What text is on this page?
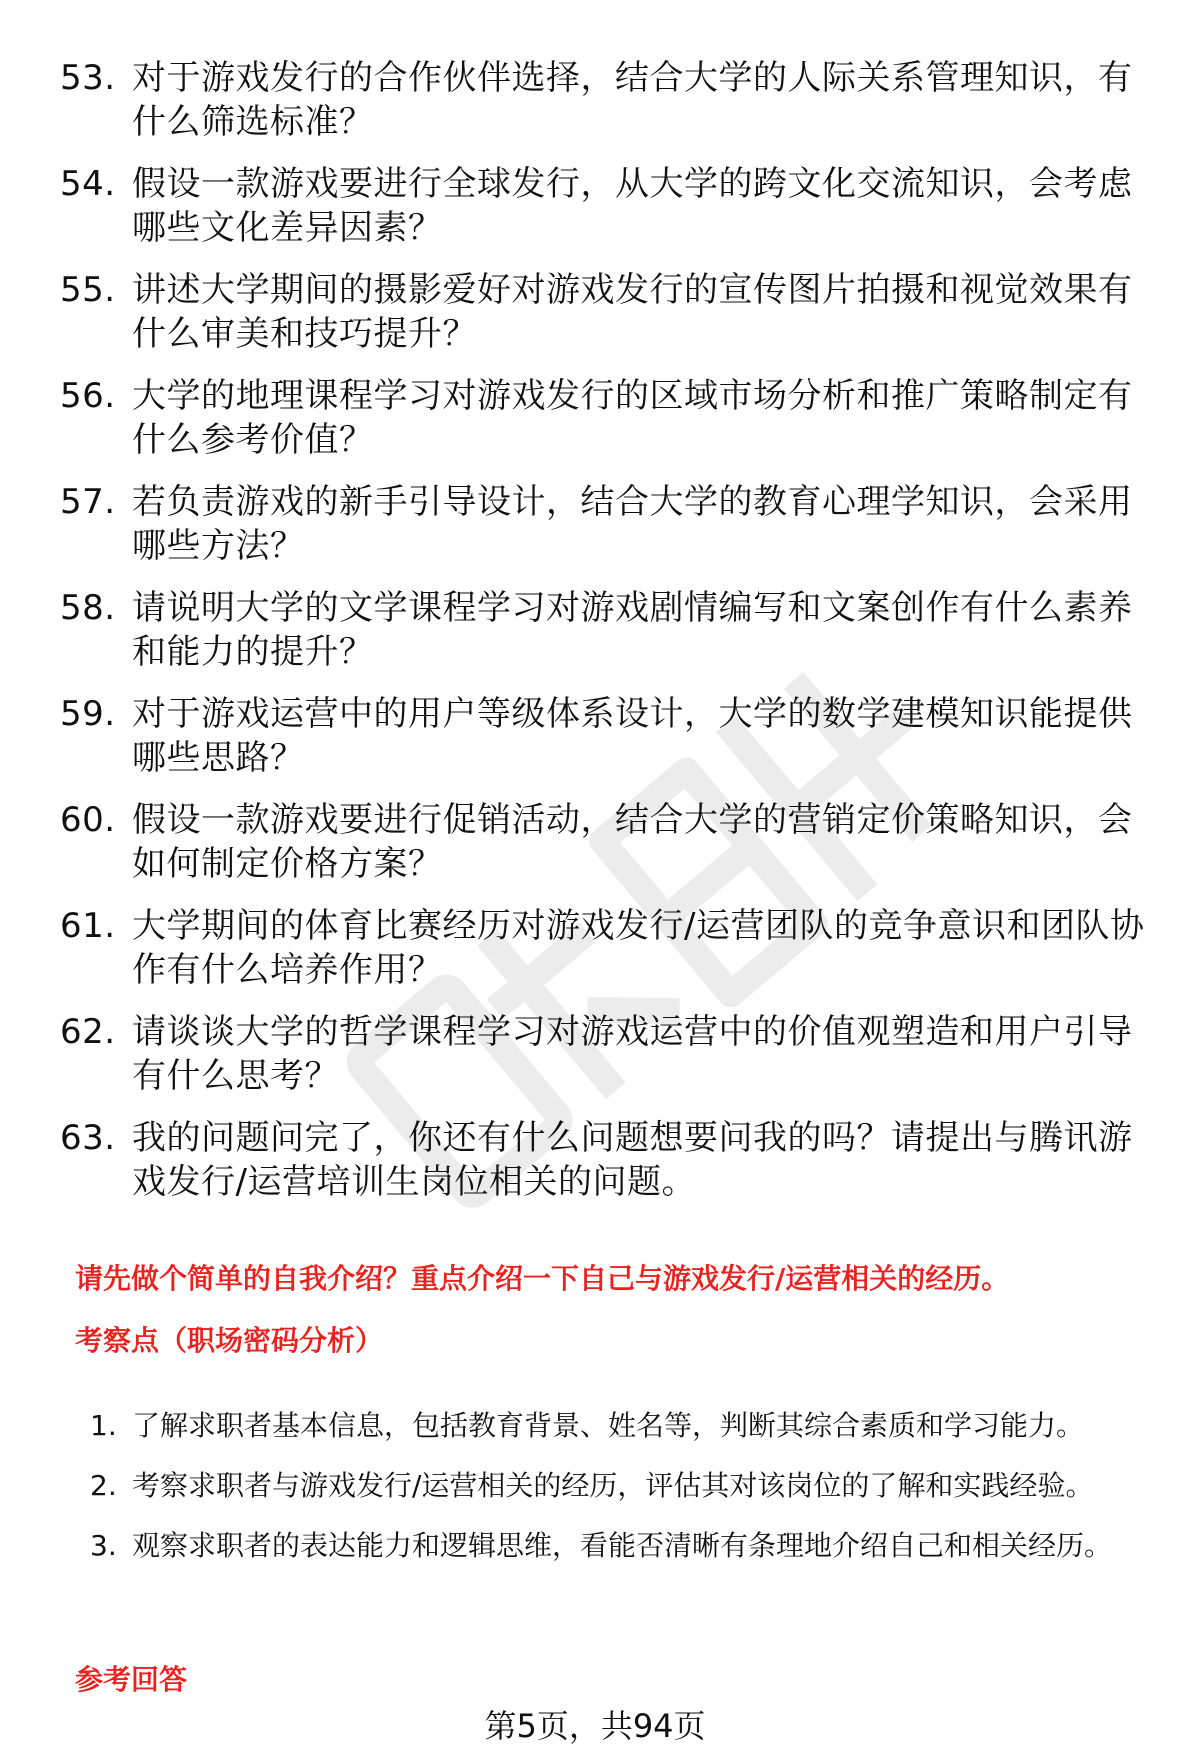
53. 对于游戏发行的合作伙伴选择，结合大学的人际关系管理知识，有什么筛选标准？
54. 假设一款游戏要进行全球发行，从大学的跨文化交流知识，会考虑哪些文化差异因素？
55. 讲述大学期间的摄影爱好对游戏发行的宣传图片拍摄和视觉效果有什么审美和技巧提升？
56. 大学的地理课程学习对游戏发行的区域市场分析和推广策略制定有什么参考价值？
57. 若负责游戏的新手引导设计，结合大学的教育心理学知识，会采用哪些方法？
58. 请说明大学的文学课程学习对游戏剧情编写和文案创作有什么素养和能力的提升？
59. 对于游戏运营中的用户等级体系设计，大学的数学建模知识能提供哪些思路？
60. 假设一款游戏要进行促销活动，结合大学的营销定价策略知识，会如何制定价格方案？
61. 大学期间的体育比赛经历对游戏发行/运营团队的竞争意识和团队协作有什么培养作用？
62. 请谈谈大学的哲学课程学习对游戏运营中的价值观塑造和用户引导有什么思考？
63. 我的问题问完了，你还有什么问题想要问我的吗？请提出与腾讯游戏发行/运营培训生岗位相关的问题。

请先做个简单的自我介绍？重点介绍一下自己与游戏发行/运营相关的经历。

考察点（职场密码分析）

1. 了解求职者基本信息，包括教育背景、姓名等，判断其综合素质和学习能力。
2. 考察求职者与游戏发行/运营相关的经历，评估其对该岗位的了解和实践经验。
3. 观察求职者的表达能力和逻辑思维，看能否清晰有条理地介绍自己和相关经历。

参考回答

第5页，共94页
